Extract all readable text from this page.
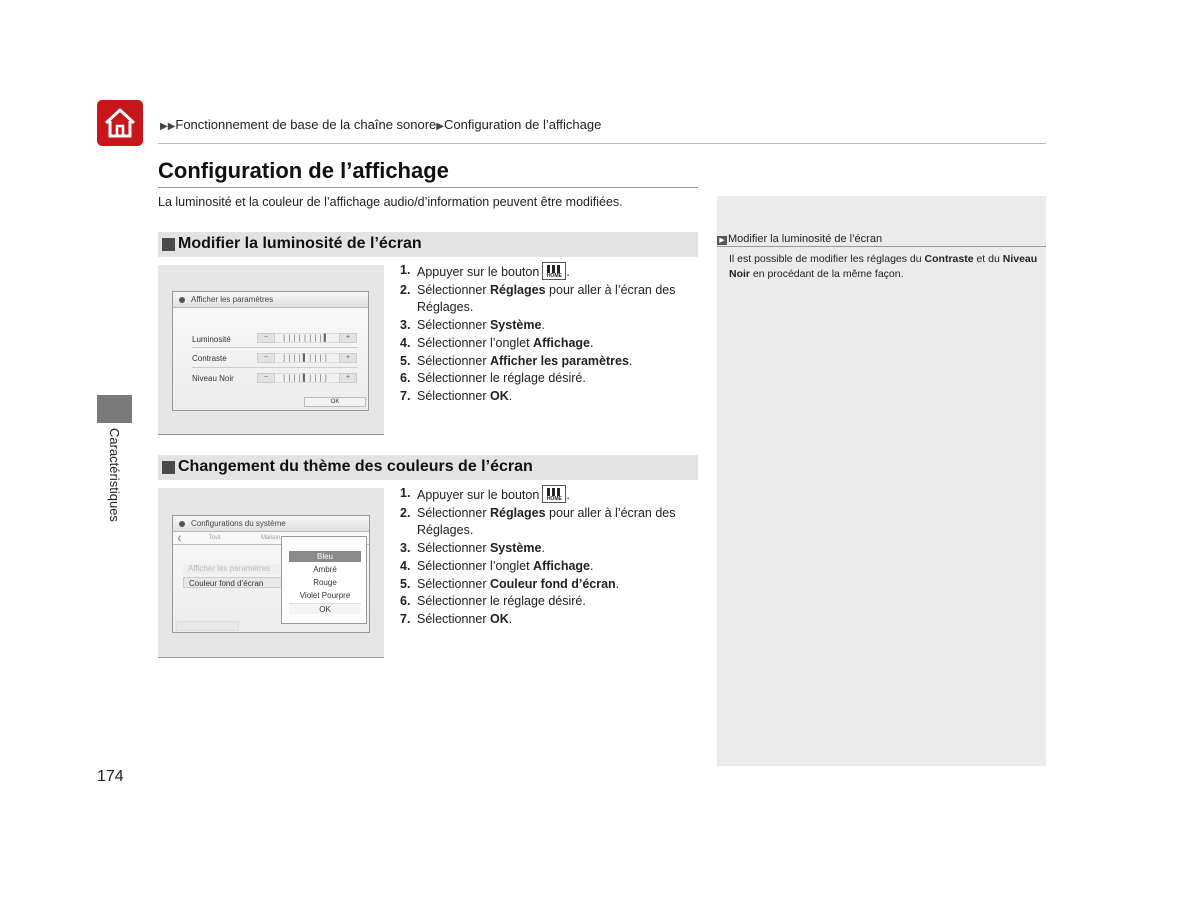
▶▶Fonctionnement de base de la chaîne sonore▶Configuration de l’affichage
Configuration de l’affichage
La luminosité et la couleur de l’affichage audio/d’information peuvent être modifiées.
Modifier la luminosité de l’écran
Afficher les paramètres
Luminosité	−	||||||||▌	+
Contraste	−	||||▌||||	+
Niveau Noir	−	||||▌||||	+
OK
1. Appuyer sur le bouton	HOME .
2. Sélectionner Réglages pour aller à l’écran des
Réglages.
3. Sélectionner Système.
4. Sélectionner l’onglet Affichage.
5. Sélectionner Afficher les paramètres.
6. Sélectionner le réglage désiré.
7. Sélectionner OK.
Changement du thème des couleurs de l’écran
Configurations du système
❮	Tout	Maison
Afficher les paramètres
Couleur fond d’écran
Bleu
Ambré
Rouge
Violet Pourpre
OK
1. Appuyer sur le bouton	HOME .
2. Sélectionner Réglages pour aller à l’écran des
Réglages.
3. Sélectionner Système.
4. Sélectionner l’onglet Affichage.
5. Sélectionner Couleur fond d’écran.
6. Sélectionner le réglage désiré.
7. Sélectionner OK.
▶ Modifier la luminosité de l’écran
Il est possible de modifier les réglages du Contraste et du Niveau Noir en procédant de la même façon.
Caractéristiques
174
